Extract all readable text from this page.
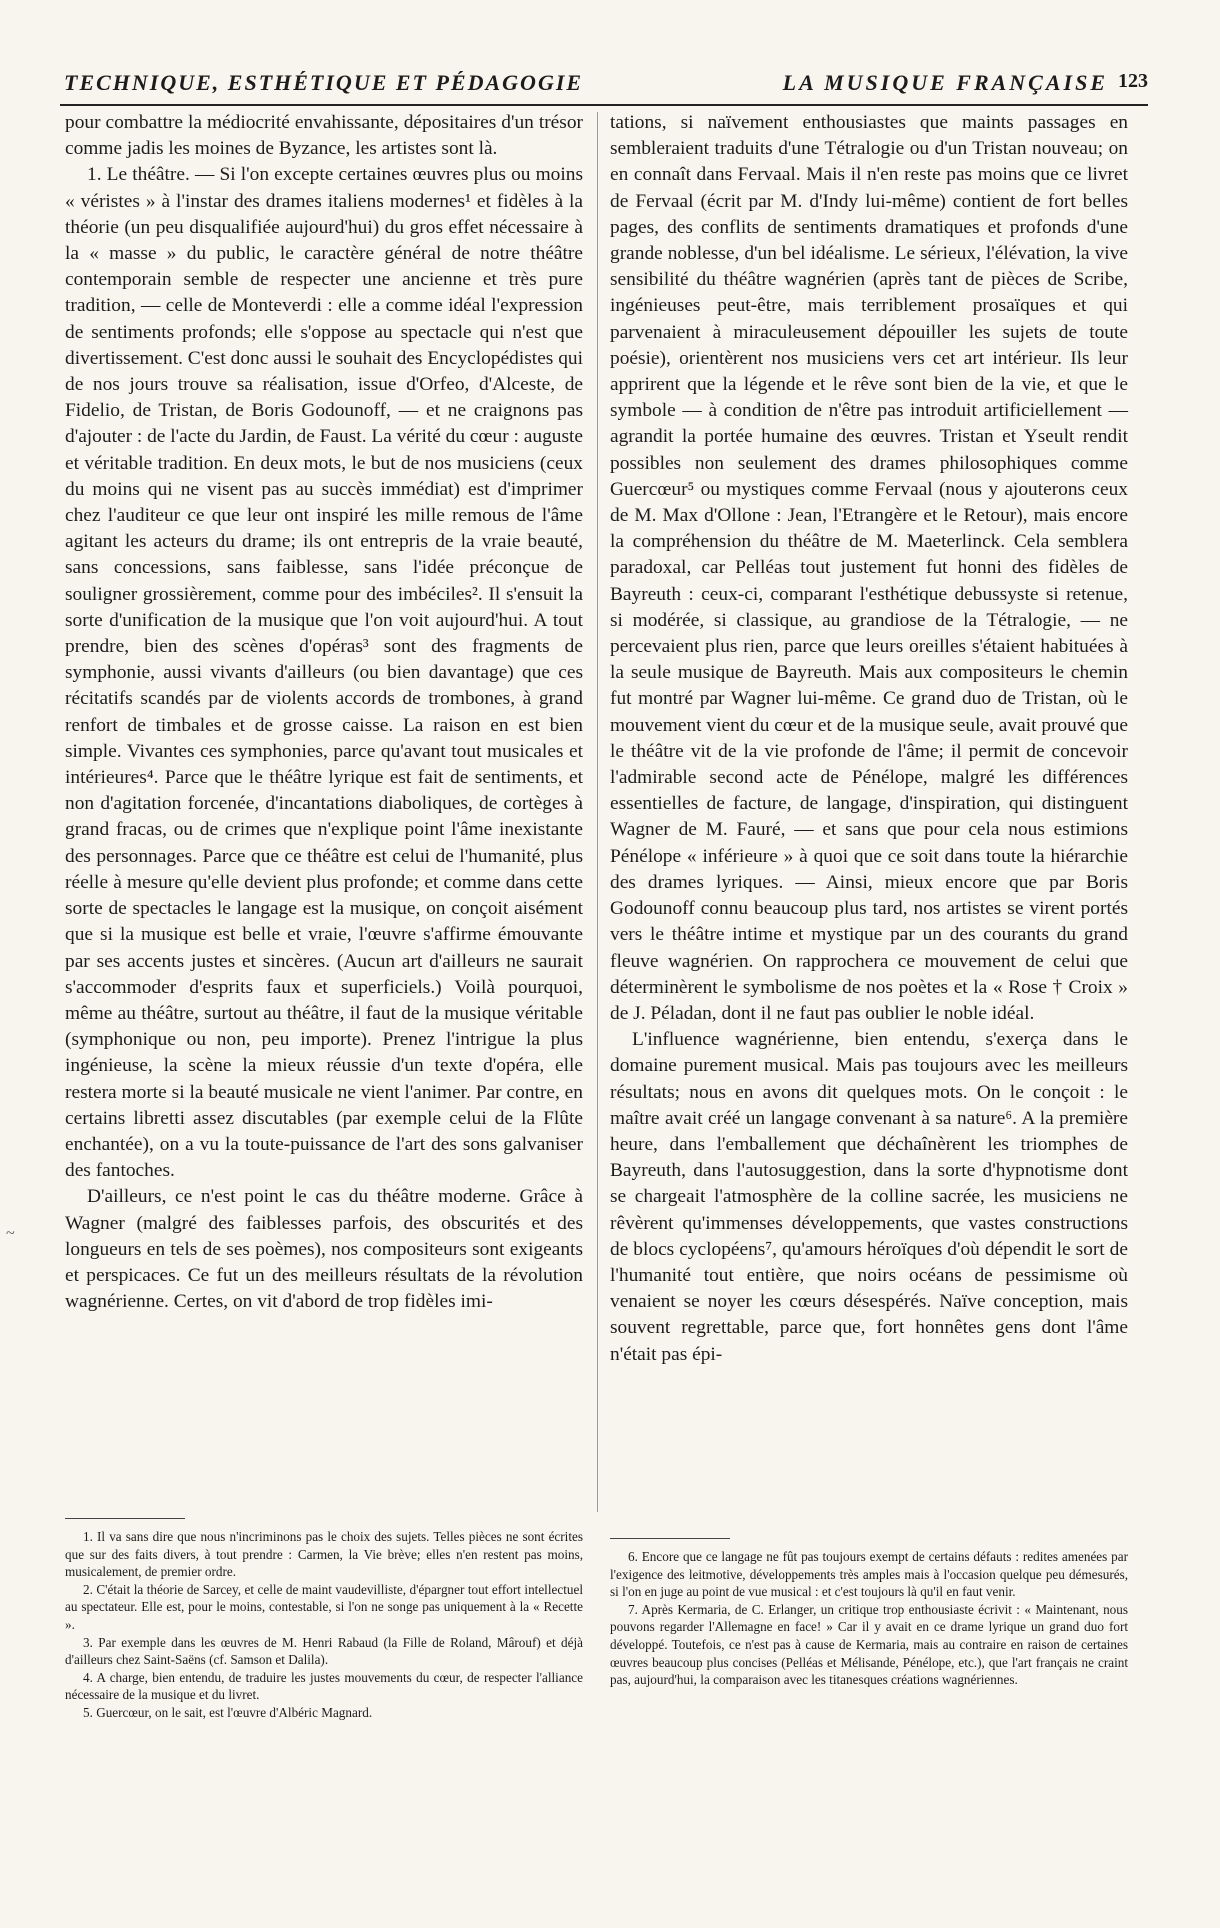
TECHNIQUE, ESTHÉTIQUE ET PÉDAGOGIE	LA MUSIQUE FRANÇAISE 123
~

pour combattre la médiocrité envahissante, dépositaires d'un trésor comme jadis les moines de Byzance, les artistes sont là.

1. Le théâtre. — Si l'on excepte certaines œuvres plus ou moins « véristes » à l'instar des drames italiens modernes¹ et fidèles à la théorie (un peu disqualifiée aujourd'hui) du gros effet nécessaire à la « masse » du public, le caractère général de notre théâtre contemporain semble de respecter une ancienne et très pure tradition, — celle de Monteverdi : elle a comme idéal l'expression de sentiments profonds; elle s'oppose au spectacle qui n'est que divertissement. C'est donc aussi le souhait des Encyclopédistes qui de nos jours trouve sa réalisation, issue d'Orfeo, d'Alceste, de Fidelio, de Tristan, de Boris Godounoff, — et ne craignons pas d'ajouter : de l'acte du Jardin, de Faust. La vérité du cœur : auguste et véritable tradition. En deux mots, le but de nos musiciens (ceux du moins qui ne visent pas au succès immédiat) est d'imprimer chez l'auditeur ce que leur ont inspiré les mille remous de l'âme agitant les acteurs du drame; ils ont entrepris de la vraie beauté, sans concessions, sans faiblesse, sans l'idée préconçue de souligner grossièrement, comme pour des imbéciles². Il s'ensuit la sorte d'unification de la musique que l'on voit aujourd'hui. A tout prendre, bien des scènes d'opéras³ sont des fragments de symphonie, aussi vivants d'ailleurs (ou bien davantage) que ces récitatifs scandés par de violents accords de trombones, à grand renfort de timbales et de grosse caisse. La raison en est bien simple. Vivantes ces symphonies, parce qu'avant tout musicales et intérieures⁴. Parce que le théâtre lyrique est fait de sentiments, et non d'agitation forcenée, d'incantations diaboliques, de cortèges à grand fracas, ou de crimes que n'explique point l'âme inexistante des personnages. Parce que ce théâtre est celui de l'humanité, plus réelle à mesure qu'elle devient plus profonde; et comme dans cette sorte de spectacles le langage est la musique, on conçoit aisément que si la musique est belle et vraie, l'œuvre s'affirme émouvante par ses accents justes et sincères. (Aucun art d'ailleurs ne saurait s'accommoder d'esprits faux et superficiels.) Voilà pourquoi, même au théâtre, surtout au théâtre, il faut de la musique véritable (symphonique ou non, peu importe). Prenez l'intrigue la plus ingénieuse, la scène la mieux réussie d'un texte d'opéra, elle restera morte si la beauté musicale ne vient l'animer. Par contre, en certains libretti assez discutables (par exemple celui de la Flûte enchantée), on a vu la toute-puissance de l'art des sons galvaniser des fantoches.

D'ailleurs, ce n'est point le cas du théâtre moderne. Grâce à Wagner (malgré des faiblesses parfois, des obscurités et des longueurs en tels de ses poèmes), nos compositeurs sont exigeants et perspicaces. Ce fut un des meilleurs résultats de la révolution wagnérienne. Certes, on vit d'abord de trop fidèles imi-

tations, si naïvement enthousiastes que maints passages en sembleraient traduits d'une Tétralogie ou d'un Tristan nouveau; on en connaît dans Fervaal. Mais il n'en reste pas moins que ce livret de Fervaal (écrit par M. d'Indy lui-même) contient de fort belles pages, des conflits de sentiments dramatiques et profonds d'une grande noblesse, d'un bel idéalisme. Le sérieux, l'élévation, la vive sensibilité du théâtre wagnérien (après tant de pièces de Scribe, ingénieuses peut-être, mais terriblement prosaïques et qui parvenaient à miraculeusement dépouiller les sujets de toute poésie), orientèrent nos musiciens vers cet art intérieur. Ils leur apprirent que la légende et le rêve sont bien de la vie, et que le symbole — à condition de n'être pas introduit artificiellement — agrandit la portée humaine des œuvres. Tristan et Yseult rendit possibles non seulement des drames philosophiques comme Guercœur⁵ ou mystiques comme Fervaal (nous y ajouterons ceux de M. Max d'Ollone : Jean, l'Etrangère et le Retour), mais encore la compréhension du théâtre de M. Maeterlinck. Cela semblera paradoxal, car Pelléas tout justement fut honni des fidèles de Bayreuth : ceux-ci, comparant l'esthétique debussyste si retenue, si modérée, si classique, au grandiose de la Tétralogie, — ne percevaient plus rien, parce que leurs oreilles s'étaient habituées à la seule musique de Bayreuth. Mais aux compositeurs le chemin fut montré par Wagner lui-même. Ce grand duo de Tristan, où le mouvement vient du cœur et de la musique seule, avait prouvé que le théâtre vit de la vie profonde de l'âme; il permit de concevoir l'admirable second acte de Pénélope, malgré les différences essentielles de facture, de langage, d'inspiration, qui distinguent Wagner de M. Fauré, — et sans que pour cela nous estimions Pénélope « inférieure » à quoi que ce soit dans toute la hiérarchie des drames lyriques. — Ainsi, mieux encore que par Boris Godounoff connu beaucoup plus tard, nos artistes se virent portés vers le théâtre intime et mystique par un des courants du grand fleuve wagnérien. On rapprochera ce mouvement de celui que déterminèrent le symbolisme de nos poètes et la « Rose † Croix » de J. Péladan, dont il ne faut pas oublier le noble idéal.

L'influence wagnérienne, bien entendu, s'exerça dans le domaine purement musical. Mais pas toujours avec les meilleurs résultats; nous en avons dit quelques mots. On le conçoit : le maître avait créé un langage convenant à sa nature⁶. A la première heure, dans l'emballement que déchaînèrent les triomphes de Bayreuth, dans l'autosuggestion, dans la sorte d'hypnotisme dont se chargeait l'atmosphère de la colline sacrée, les musiciens ne rêvèrent qu'immenses développements, que vastes constructions de blocs cyclopéens⁷, qu'amours héroïques d'où dépendit le sort de l'humanité tout entière, que noirs océans de pessimisme où venaient se noyer les cœurs désespérés. Naïve conception, mais souvent regrettable, parce que, fort honnêtes gens dont l'âme n'était pas épi-

1. Il va sans dire que nous n'incriminons pas le choix des sujets. Telles pièces ne sont écrites que sur des faits divers, à tout prendre : Carmen, la Vie brève; elles n'en restent pas moins, musicalement, de premier ordre.

2. C'était la théorie de Sarcey, et celle de maint vaudevilliste, d'épargner tout effort intellectuel au spectateur. Elle est, pour le moins, contestable, si l'on ne songe pas uniquement à la « Recette ».

3. Par exemple dans les œuvres de M. Henri Rabaud (la Fille de Roland, Mârouf) et déjà d'ailleurs chez Saint-Saëns (cf. Samson et Dalila).

4. A charge, bien entendu, de traduire les justes mouvements du cœur, de respecter l'alliance nécessaire de la musique et du livret.

5. Guercœur, on le sait, est l'œuvre d'Albéric Magnard.

6. Encore que ce langage ne fût pas toujours exempt de certains défauts : redites amenées par l'exigence des leitmotive, développements très amples mais à l'occasion quelque peu démesurés, si l'on en juge au point de vue musical : et c'est toujours là qu'il en faut venir.

7. Après Kermaria, de C. Erlanger, un critique trop enthousiaste écrivit : « Maintenant, nous pouvons regarder l'Allemagne en face! » Car il y avait en ce drame lyrique un grand duo fort développé. Toutefois, ce n'est pas à cause de Kermaria, mais au contraire en raison de certaines œuvres beaucoup plus concises (Pelléas et Mélisande, Pénélope, etc.), que l'art français ne craint pas, aujourd'hui, la comparaison avec les titanesques créations wagnériennes.
